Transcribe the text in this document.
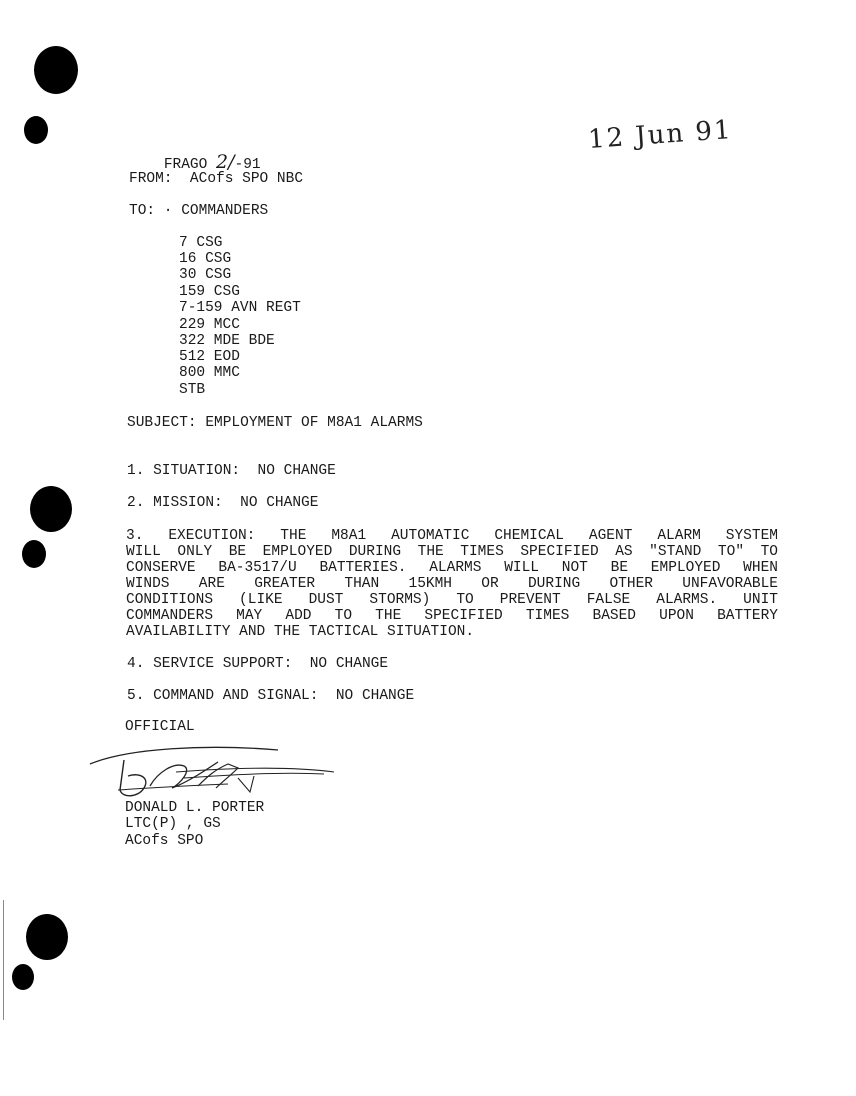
FRAGO 2/-91

12 Jun 91
FROM: ACofs SPO NBC
TO: · COMMANDERS
7 CSG
16 CSG
30 CSG
159 CSG
7-159 AVN REGT
229 MCC
322 MDE BDE
512 EOD
800 MMC
STB
SUBJECT: EMPLOYMENT OF M8A1 ALARMS
1. SITUATION:  NO CHANGE
2. MISSION:  NO CHANGE
3. EXECUTION: THE M8A1 AUTOMATIC CHEMICAL AGENT ALARM SYSTEM
WILL ONLY BE EMPLOYED DURING THE TIMES SPECIFIED AS "STAND TO" TO
CONSERVE BA-3517/U BATTERIES. ALARMS WILL NOT BE EMPLOYED WHEN
WINDS ARE GREATER THAN 15KMH OR DURING OTHER UNFAVORABLE
CONDITIONS (LIKE DUST STORMS) TO PREVENT FALSE ALARMS. UNIT
COMMANDERS MAY ADD TO THE SPECIFIED TIMES BASED UPON BATTERY
AVAILABILITY AND THE TACTICAL SITUATION.
4. SERVICE SUPPORT:  NO CHANGE
5. COMMAND AND SIGNAL:  NO CHANGE
OFFICIAL
DONALD L. PORTER
LTC(P) , GS
ACofs SPO
